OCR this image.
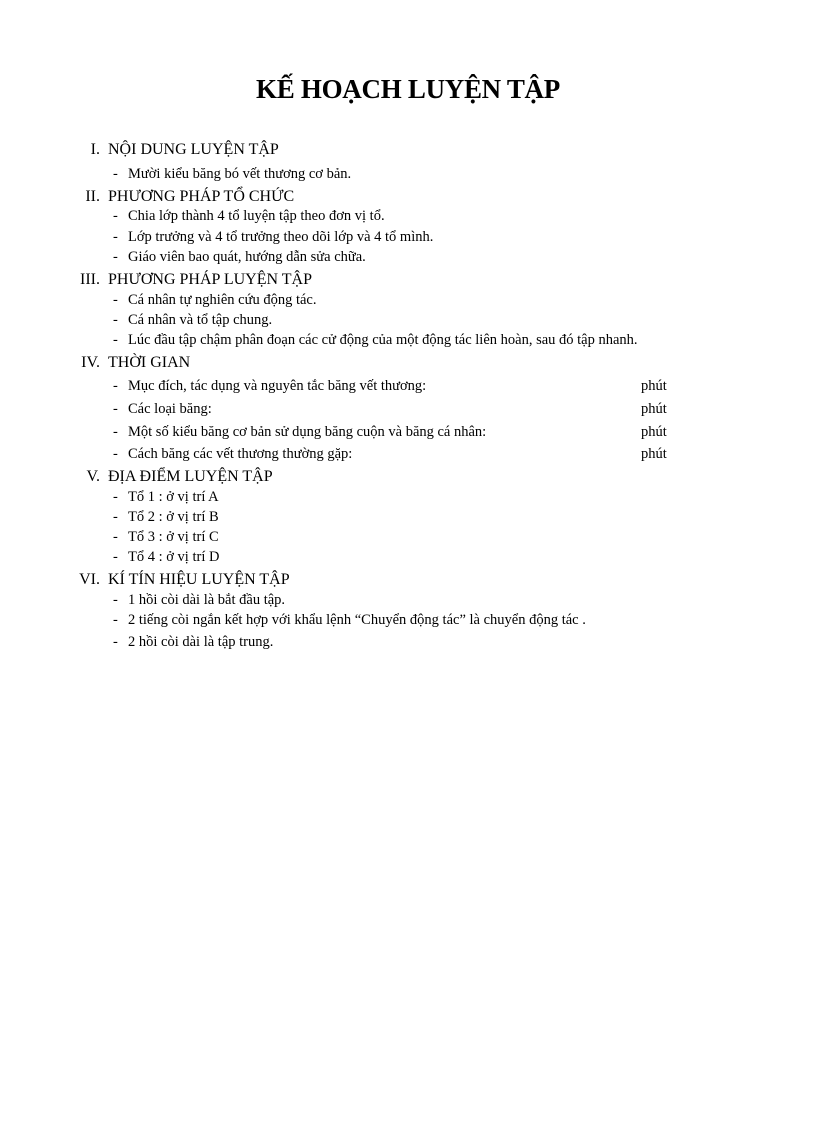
KẾ HOẠCH LUYỆN TẬP
I. NỘI DUNG LUYỆN TẬP
- Mười kiểu băng bó vết thương cơ bản.
II. PHƯƠNG PHÁP TỔ CHỨC
- Chia lớp thành 4 tổ luyện tập theo đơn vị tổ.
- Lớp trưởng và 4 tổ trưởng theo dõi lớp và 4 tổ mình.
- Giáo viên bao quát, hướng dẫn sửa chữa.
III. PHƯƠNG PHÁP LUYỆN TẬP
- Cá nhân tự nghiên cứu động tác.
- Cá nhân và tổ tập chung.
- Lúc đầu tập chậm phân đoạn các cử động của một động tác liên hoàn, sau đó tập nhanh.
IV. THỜI GIAN
- Mục đích, tác dụng và nguyên tắc băng vết thương:	phút
- Các loại băng:	phút
- Một số kiểu băng cơ bản sử dụng băng cuộn và băng cá nhân:	phút
- Cách băng các vết thương thường gặp:	phút
V. ĐỊA ĐIỂM LUYỆN TẬP
- Tổ 1 : ở vị trí A
- Tổ 2 : ở vị trí B
- Tổ 3 : ở vị trí C
- Tổ 4 : ở vị trí D
VI. KÍ TÍN HIỆU LUYỆN TẬP
- 1 hồi còi dài là bắt đầu tập.
- 2 tiếng còi ngắn kết hợp với khẩu lệnh “Chuyển động tác” là chuyển động tác .
- 2 hồi còi dài là tập trung.
